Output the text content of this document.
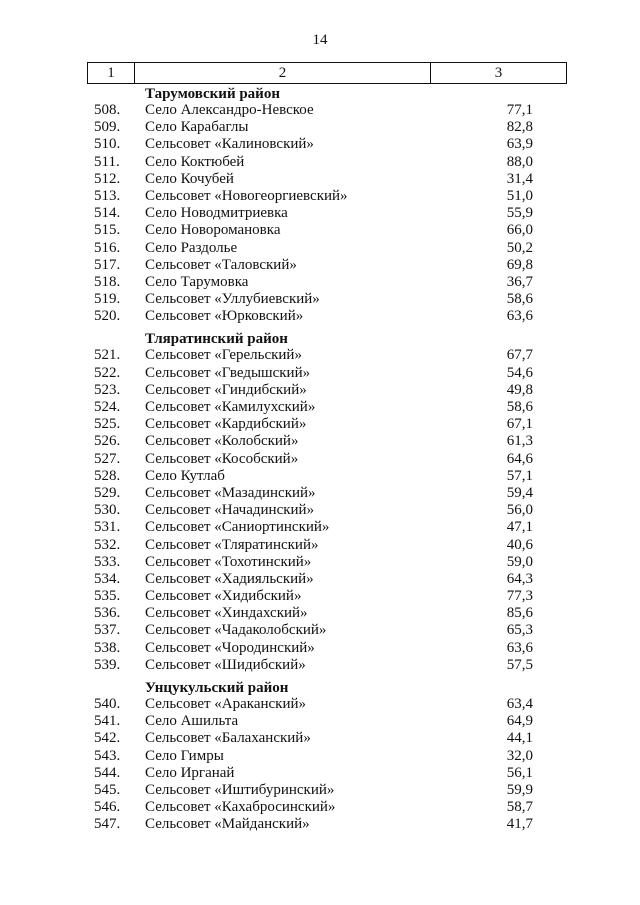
14
1	2	3
Тарумовский район
508. Село Александро-Невское	77,1
509. Село Карабаглы	82,8
510. Сельсовет «Калиновский»	63,9
511. Село Коктюбей	88,0
512. Село Кочубей	31,4
513. Сельсовет «Новогеоргиевский»	51,0
514. Село Новодмитриевка	55,9
515. Село Новоромановка	66,0
516. Село Раздолье	50,2
517. Сельсовет «Таловский»	69,8
518. Село Тарумовка	36,7
519. Сельсовет «Уллубиевский»	58,6
520. Сельсовет «Юрковский»	63,6
Тляратинский район
521. Сельсовет «Герельский»	67,7
522. Сельсовет «Гведышский»	54,6
523. Сельсовет «Гиндибский»	49,8
524. Сельсовет «Камилухский»	58,6
525. Сельсовет «Кардибский»	67,1
526. Сельсовет «Колобский»	61,3
527. Сельсовет «Кособский»	64,6
528. Село Кутлаб	57,1
529. Сельсовет «Мазадинский»	59,4
530. Сельсовет «Начадинский»	56,0
531. Сельсовет «Саниортинский»	47,1
532. Сельсовет «Тляратинский»	40,6
533. Сельсовет «Тохотинский»	59,0
534. Сельсовет «Хадияльский»	64,3
535. Сельсовет «Хидибский»	77,3
536. Сельсовет «Хиндахский»	85,6
537. Сельсовет «Чадаколобский»	65,3
538. Сельсовет «Чородинский»	63,6
539. Сельсовет «Шидибский»	57,5
Унцукульский район
540. Сельсовет «Араканский»	63,4
541. Село Ашильта	64,9
542. Сельсовет «Балаханский»	44,1
543. Село Гимры	32,0
544. Село Ирганай	56,1
545. Сельсовет «Иштибуринский»	59,9
546. Сельсовет «Кахабросинский»	58,7
547. Сельсовет «Майданский»	41,7
